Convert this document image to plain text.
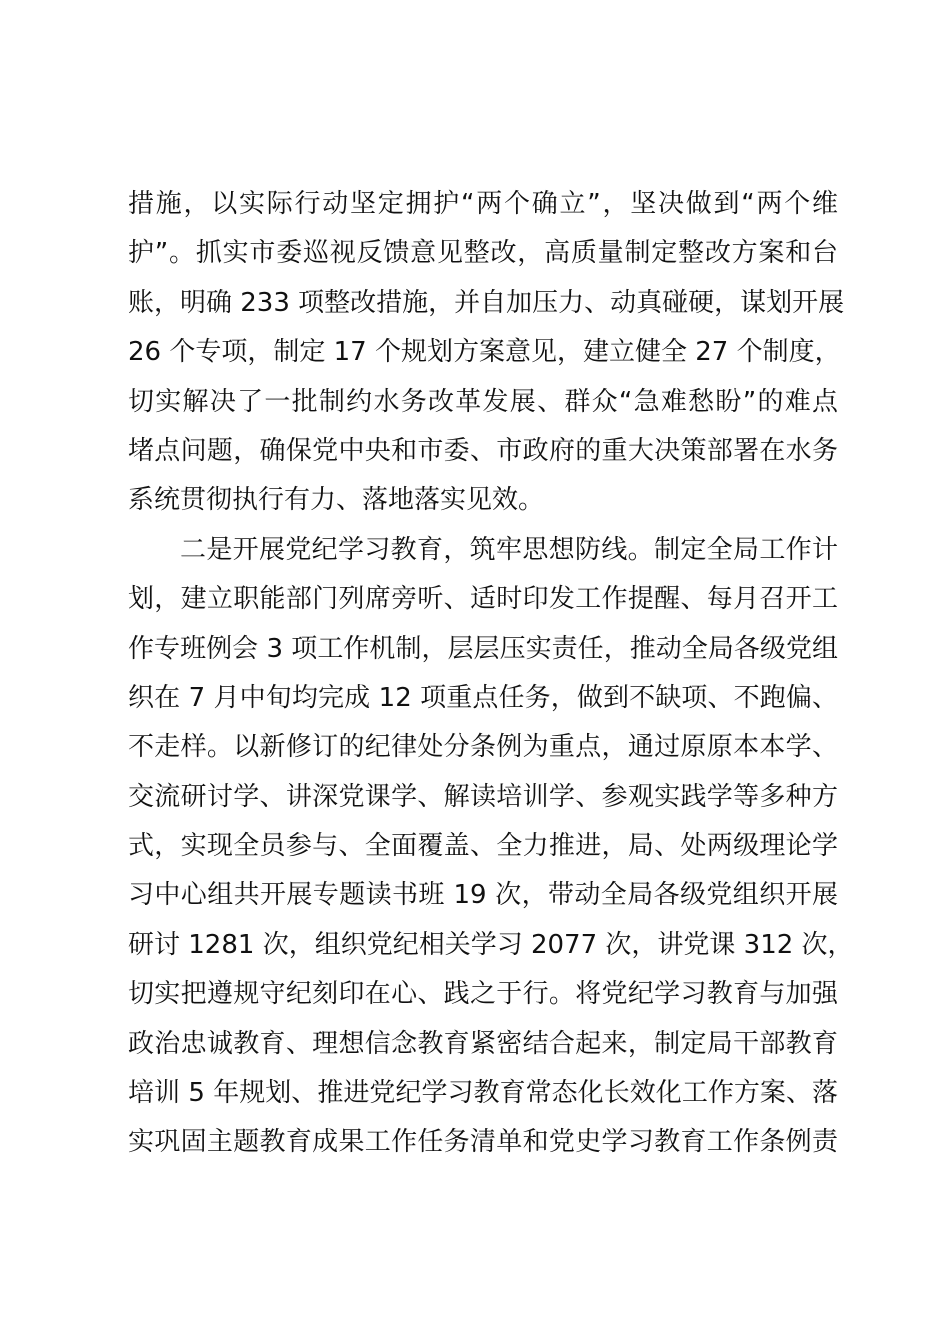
措施，以实际行动坚定拥护“两个确立”，坚决做到“两个维
护”。抓实市委巡视反馈意见整改，高质量制定整改方案和台
账，明确 233 项整改措施，并自加压力、动真碰硬，谋划开展
26 个专项，制定 17 个规划方案意见，建立健全 27 个制度，
切实解决了一批制约水务改革发展、群众“急难愁盼”的难点
堵点问题，确保党中央和市委、市政府的重大决策部署在水务
系统贯彻执行有力、落地落实见效。
二是开展党纪学习教育，筑牢思想防线。制定全局工作计
划，建立职能部门列席旁听、适时印发工作提醒、每月召开工
作专班例会 3 项工作机制，层层压实责任，推动全局各级党组
织在 7 月中旬均完成 12 项重点任务，做到不缺项、不跑偏、
不走样。以新修订的纪律处分条例为重点，通过原原本本学、
交流研讨学、讲深党课学、解读培训学、参观实践学等多种方
式，实现全员参与、全面覆盖、全力推进，局、处两级理论学
习中心组共开展专题读书班 19 次，带动全局各级党组织开展
研讨 1281 次，组织党纪相关学习 2077 次，讲党课 312 次，
切实把遵规守纪刻印在心、践之于行。将党纪学习教育与加强
政治忠诚教育、理想信念教育紧密结合起来，制定局干部教育
培训 5 年规划、推进党纪学习教育常态化长效化工作方案、落
实巩固主题教育成果工作任务清单和党史学习教育工作条例责
